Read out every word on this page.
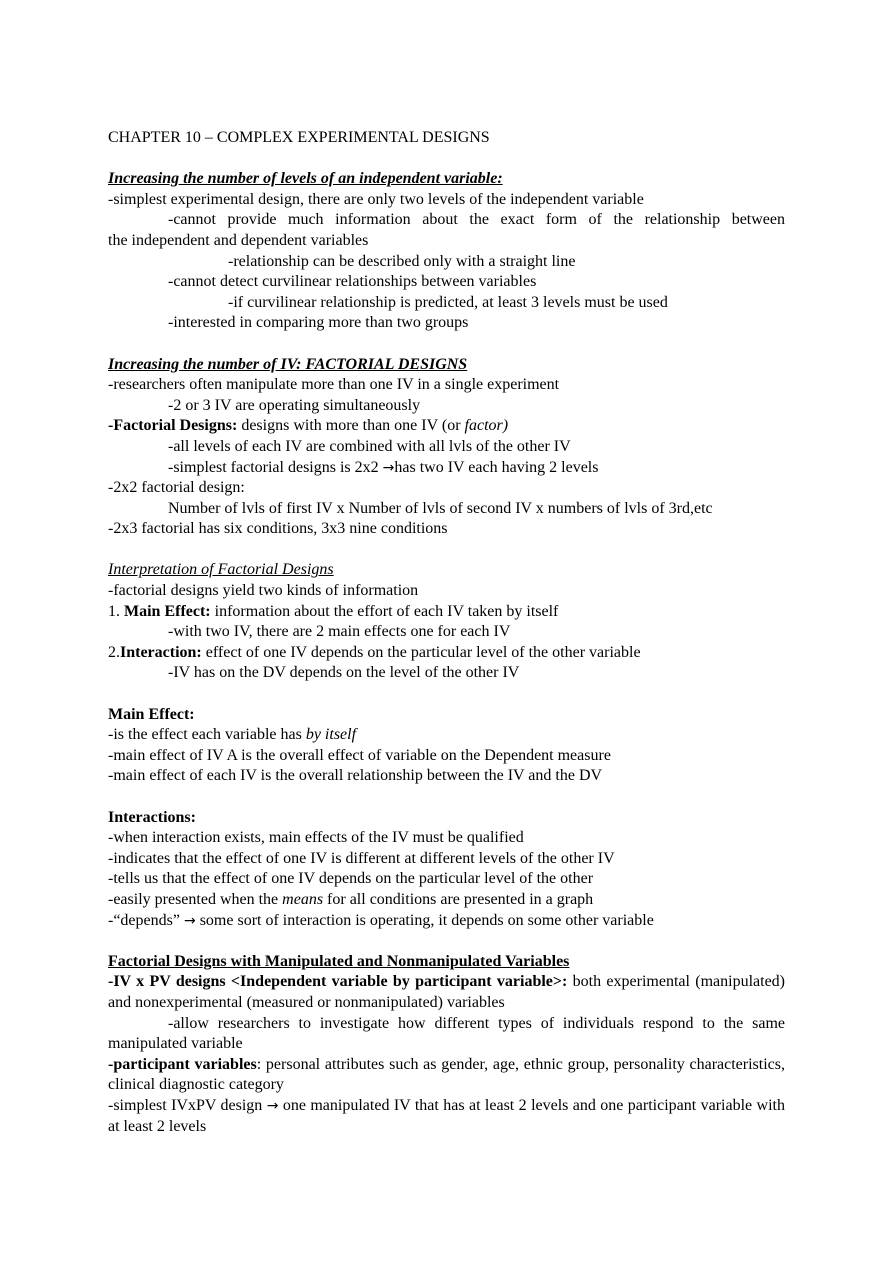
CHAPTER 10 – COMPLEX EXPERIMENTAL DESIGNS
Increasing the number of levels of an independent variable:
-simplest experimental design, there are only two levels of the independent variable
-cannot provide much information about the exact form of the relationship between
the independent and dependent variables
-relationship can be described only with a straight line
-cannot detect curvilinear relationships between variables
-if curvilinear relationship is predicted, at least 3 levels must be used
-interested in comparing more than two groups
Increasing the number of IV: FACTORIAL DESIGNS
-researchers often manipulate more than one IV in a single experiment
-2 or 3 IV are operating simultaneously
-Factorial Designs: designs with more than one IV (or factor)
-all levels of each IV are combined with all lvls of the other IV
-simplest factorial designs is 2x2 →has two IV each having 2 levels
-2x2 factorial design:
Number of lvls of first IV x Number of lvls of second IV x numbers of lvls of 3rd,etc
-2x3 factorial has six conditions, 3x3 nine conditions
Interpretation of Factorial Designs
-factorial designs yield two kinds of information
1. Main Effect: information about the effort of each IV taken by itself
-with two IV, there are 2 main effects one for each IV
2.Interaction: effect of one IV depends on the particular level of the other variable
-IV has on the DV depends on the level of the other IV
Main Effect:
-is the effect each variable has by itself
-main effect of IV A is the overall effect of variable on the Dependent measure
-main effect of each IV is the overall relationship between the IV and the DV
Interactions:
-when interaction exists, main effects of the IV must be qualified
-indicates that the effect of one IV is different at different levels of the other IV
-tells us that the effect of one IV depends on the particular level of the other
-easily presented when the means for all conditions are presented in a graph
-“depends” → some sort of interaction is operating, it depends on some other variable
Factorial Designs with Manipulated and Nonmanipulated Variables
-IV x PV designs <Independent variable by participant variable>: both experimental (manipulated) and nonexperimental (measured or nonmanipulated) variables
-allow researchers to investigate how different types of individuals respond to the same manipulated variable
-participant variables: personal attributes such as gender, age, ethnic group, personality characteristics, clinical diagnostic category
-simplest IVxPV design → one manipulated IV that has at least 2 levels and one participant variable with at least 2 levels
